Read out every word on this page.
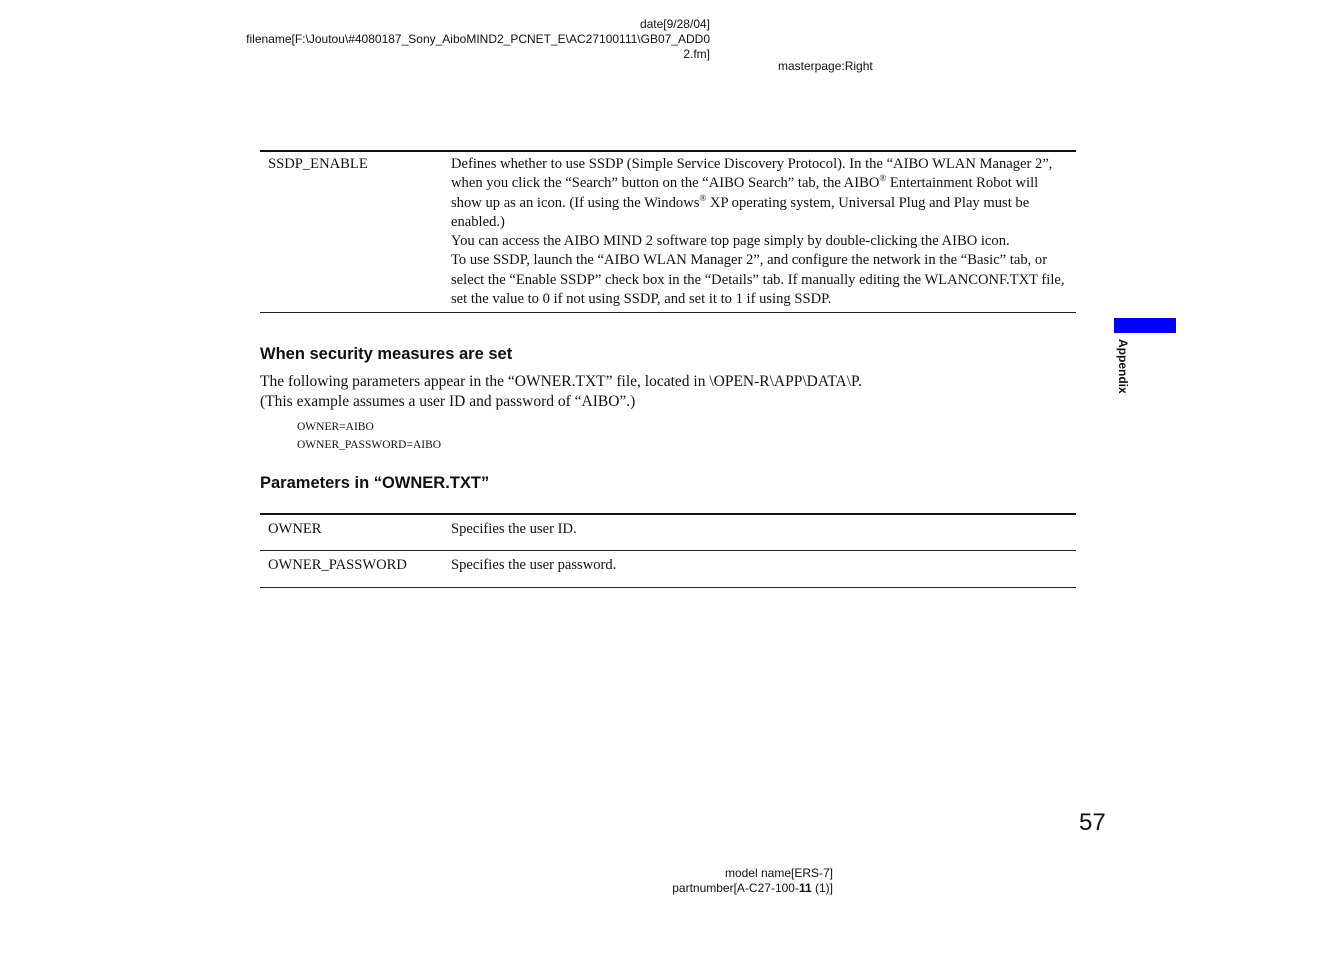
date[9/28/04]
filename[F:\Joutou\#4080187_Sony_AiboMIND2_PCNET_E\AC27100111\GB07_ADD0
2.fm]
masterpage:Right
SSDP_ENABLE	Defines whether to use SSDP (Simple Service Discovery Protocol). In the “AIBO WLAN Manager 2”, when you click the “Search” button on the “AIBO Search” tab, the AIBO® Entertainment Robot will show up as an icon. (If using the Windows® XP operating system, Universal Plug and Play must be enabled.)
You can access the AIBO MIND 2 software top page simply by double-clicking the AIBO icon.
To use SSDP, launch the “AIBO WLAN Manager 2”, and configure the network in the “Basic” tab, or select the “Enable SSDP” check box in the “Details” tab. If manually editing the WLANCONF.TXT file, set the value to 0 if not using SSDP, and set it to 1 if using SSDP.
When security measures are set
The following parameters appear in the “OWNER.TXT” file, located in \OPEN-R\APP\DATA\P.
(This example assumes a user ID and password of “AIBO”.)
OWNER=AIBO
OWNER_PASSWORD=AIBO
Parameters in “OWNER.TXT”
OWNER	Specifies the user ID.
OWNER_PASSWORD	Specifies the user password.
Appendix
57
model name[ERS-7]
partnumber[A-C27-100-11 (1)]
